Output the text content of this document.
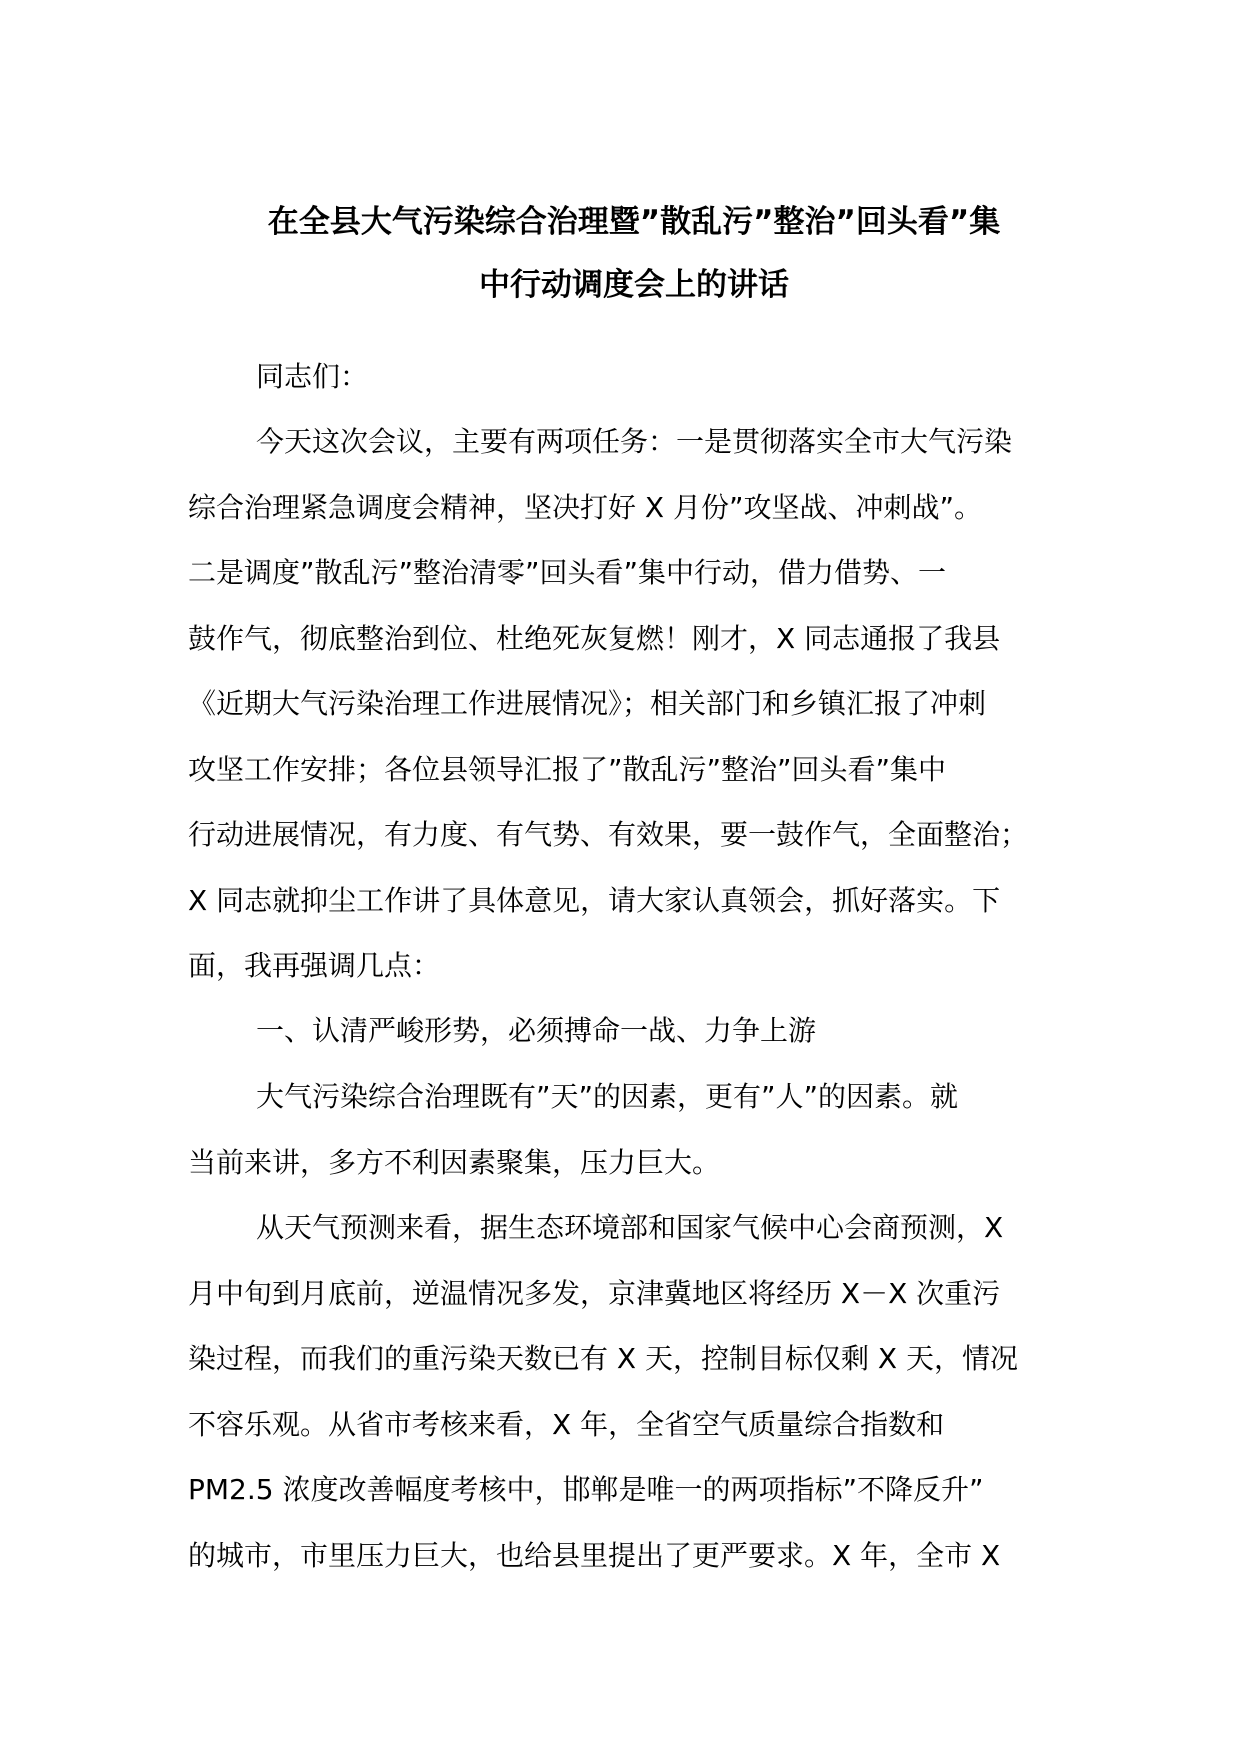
在全县大气污染综合治理暨”散乱污”整治”回头看”集
中行动调度会上的讲话

同志们：

今天这次会议，主要有两项任务：一是贯彻落实全市大气污染
综合治理紧急调度会精神，坚决打好 X 月份”攻坚战、冲刺战”。
二是调度”散乱污”整治清零”回头看”集中行动，借力借势、一
鼓作气，彻底整治到位、杜绝死灰复燃！刚才，X 同志通报了我县
《近期大气污染治理工作进展情况》；相关部门和乡镇汇报了冲刺
攻坚工作安排；各位县领导汇报了”散乱污”整治”回头看”集中
行动进展情况，有力度、有气势、有效果，要一鼓作气，全面整治；
X 同志就抑尘工作讲了具体意见，请大家认真领会，抓好落实。下
面，我再强调几点：

一、认清严峻形势，必须搏命一战、力争上游

大气污染综合治理既有”天”的因素，更有”人”的因素。就
当前来讲，多方不利因素聚集，压力巨大。

从天气预测来看，据生态环境部和国家气候中心会商预测，X
月中旬到月底前，逆温情况多发，京津冀地区将经历 X－X 次重污
染过程，而我们的重污染天数已有 X 天，控制目标仅剩 X 天，情况
不容乐观。从省市考核来看，X 年，全省空气质量综合指数和
PM2.5 浓度改善幅度考核中，邯郸是唯一的两项指标”不降反升”
的城市，市里压力巨大，也给县里提出了更严要求。X 年，全市 X
